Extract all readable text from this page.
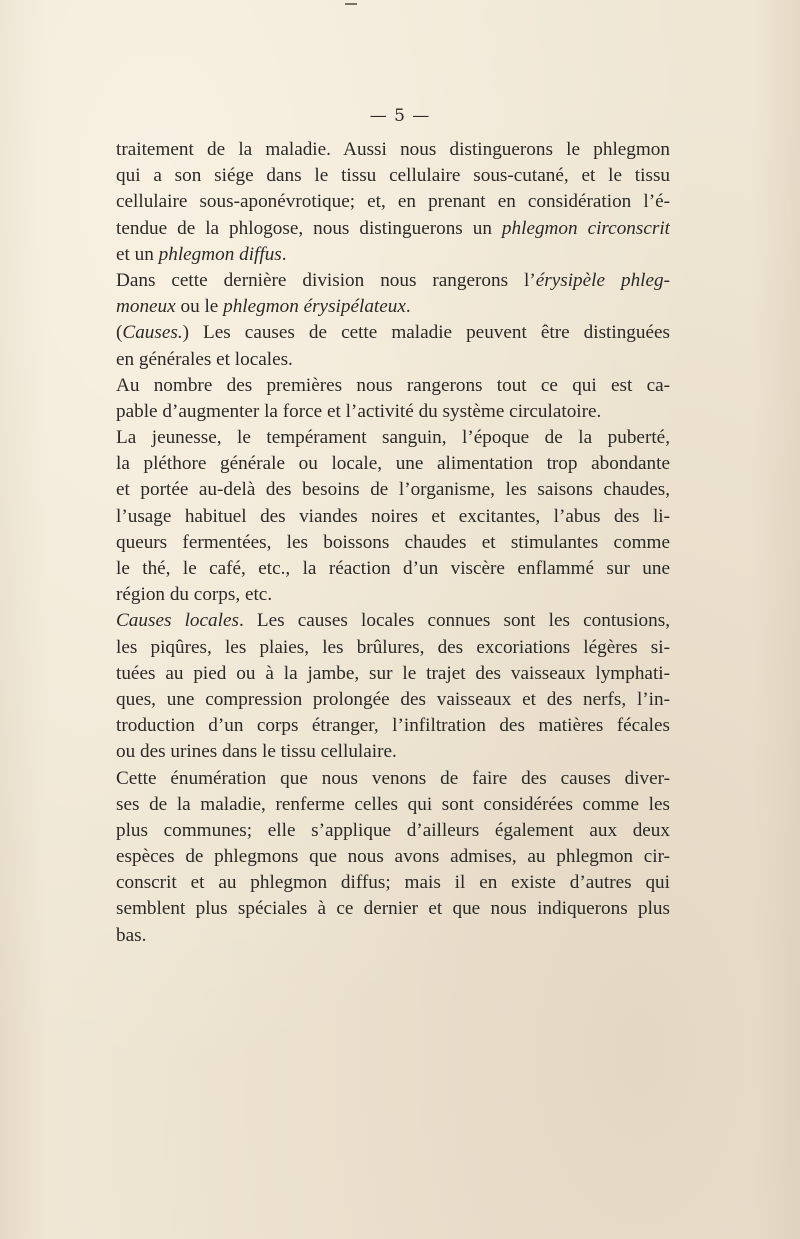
— 5 —
traitement de la maladie. Aussi nous distinguerons le phlegmon
qui a son siége dans le tissu cellulaire sous-cutané, et le tissu
cellulaire sous-aponévrotique; et, en prenant en considération l’é-
tendue de la phlogose, nous distinguerons un phlegmon circonscrit
et un phlegmon diffus.
Dans cette dernière division nous rangerons l’érysipèle phleg-
moneux ou le phlegmon érysipélateux.
(Causes.) Les causes de cette maladie peuvent être distinguées
en générales et locales.
Au nombre des premières nous rangerons tout ce qui est ca-
pable d’augmenter la force et l’activité du système circulatoire.
La jeunesse, le tempérament sanguin, l’époque de la puberté,
la pléthore générale ou locale, une alimentation trop abondante
et portée au-delà des besoins de l’organisme, les saisons chaudes,
l’usage habituel des viandes noires et excitantes, l’abus des li-
queurs fermentées, les boissons chaudes et stimulantes comme
le thé, le café, etc., la réaction d’un viscère enflammé sur une
région du corps, etc.
Causes locales. Les causes locales connues sont les contusions,
les piqûres, les plaies, les brûlures, des excoriations légères si-
tuées au pied ou à la jambe, sur le trajet des vaisseaux lymphati-
ques, une compression prolongée des vaisseaux et des nerfs, l’in-
troduction d’un corps étranger, l’infiltration des matières fécales
ou des urines dans le tissu cellulaire.
Cette énumération que nous venons de faire des causes diver-
ses de la maladie, renferme celles qui sont considérées comme les
plus communes; elle s’applique d’ailleurs également aux deux
espèces de phlegmons que nous avons admises, au phlegmon cir-
conscrit et au phlegmon diffus; mais il en existe d’autres qui
semblent plus spéciales à ce dernier et que nous indiquerons plus
bas.
